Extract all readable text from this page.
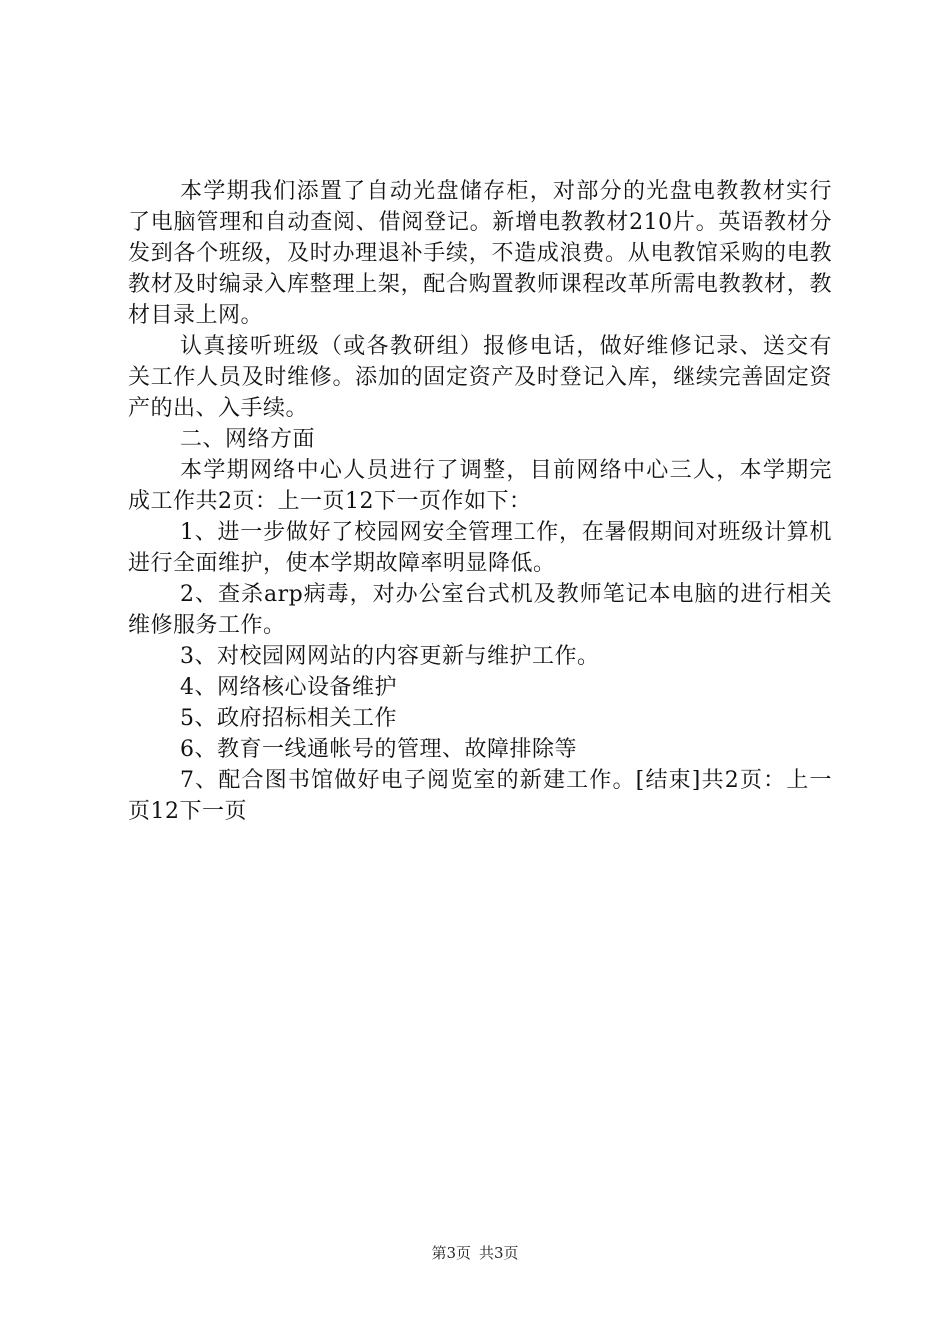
本学期我们添置了自动光盘储存柜，对部分的光盘电教教材实行了电脑管理和自动查阅、借阅登记。新增电教教材210片。英语教材分发到各个班级，及时办理退补手续，不造成浪费。从电教馆采购的电教教材及时编录入库整理上架，配合购置教师课程改革所需电教教材，教材目录上网。

认真接听班级（或各教研组）报修电话，做好维修记录、送交有关工作人员及时维修。添加的固定资产及时登记入库，继续完善固定资产的出、入手续。

二、网络方面

本学期网络中心人员进行了调整，目前网络中心三人，本学期完成工作共2页：上一页12下一页作如下：

1、进一步做好了校园网安全管理工作，在暑假期间对班级计算机进行全面维护，使本学期故障率明显降低。

2、查杀arp病毒，对办公室台式机及教师笔记本电脑的进行相关维修服务工作。

3、对校园网网站的内容更新与维护工作。

4、网络核心设备维护

5、政府招标相关工作

6、教育一线通帐号的管理、故障排除等

7、配合图书馆做好电子阅览室的新建工作。[结束]共2页：上一页12下一页

第3页 共3页
